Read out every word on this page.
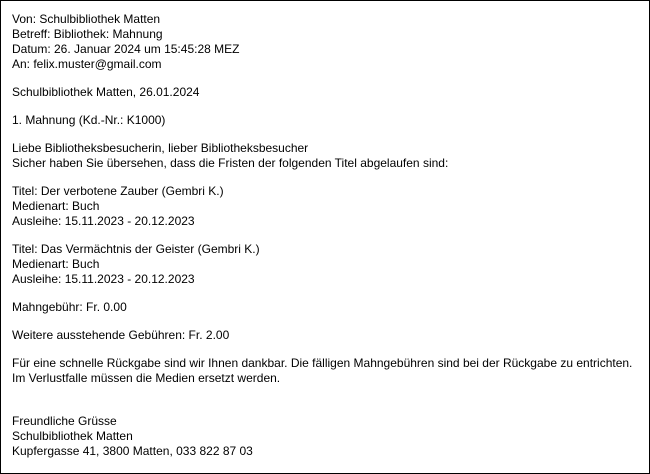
Von: Schulbibliothek Matten
Betreff: Bibliothek: Mahnung
Datum: 26. Januar 2024 um 15:45:28 MEZ
An: felix.muster@gmail.com
Schulbibliothek Matten, 26.01.2024
1. Mahnung (Kd.-Nr.: K1000)
Liebe Bibliotheksbesucherin, lieber Bibliotheksbesucher
Sicher haben Sie übersehen, dass die Fristen der folgenden Titel abgelaufen sind:
Titel: Der verbotene Zauber (Gembri K.)
Medienart: Buch
Ausleihe: 15.11.2023 - 20.12.2023
Titel: Das Vermächtnis der Geister (Gembri K.)
Medienart: Buch
Ausleihe: 15.11.2023 - 20.12.2023
Mahngebühr: Fr. 0.00
Weitere ausstehende Gebühren: Fr. 2.00
Für eine schnelle Rückgabe sind wir Ihnen dankbar. Die fälligen Mahngebühren sind bei der Rückgabe zu entrichten.
Im Verlustfalle müssen die Medien ersetzt werden.
Freundliche Grüsse
Schulbibliothek Matten
Kupfergasse 41, 3800 Matten, 033 822 87 03
